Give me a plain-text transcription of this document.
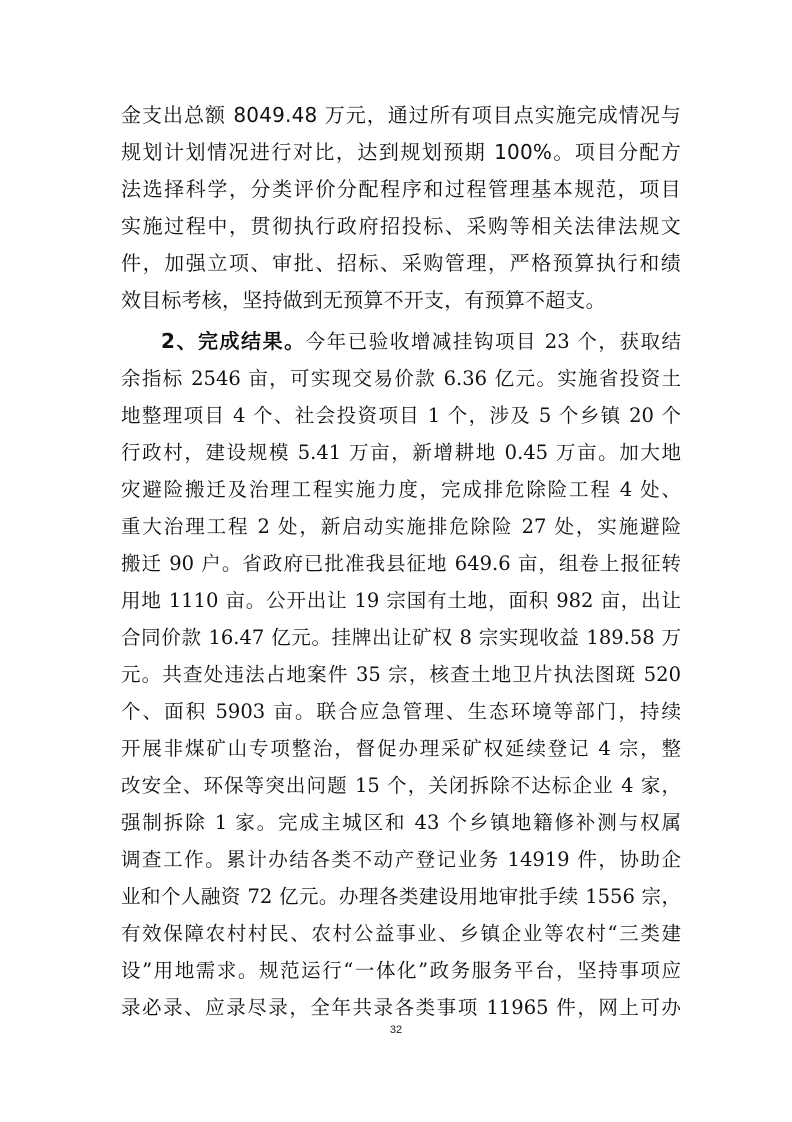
金支出总额 8049.48 万元，通过所有项目点实施完成情况与
规划计划情况进行对比，达到规划预期 100%。项目分配方
法选择科学，分类评价分配程序和过程管理基本规范，项目
实施过程中，贯彻执行政府招投标、采购等相关法律法规文
件，加强立项、审批、招标、采购管理，严格预算执行和绩
效目标考核，坚持做到无预算不开支，有预算不超支。
2、完成结果。今年已验收增减挂钩项目 23 个，获取结
余指标 2546 亩，可实现交易价款 6.36 亿元。实施省投资土
地整理项目 4 个、社会投资项目 1 个，涉及 5 个乡镇 20 个
行政村，建设规模 5.41 万亩，新增耕地 0.45 万亩。加大地
灾避险搬迁及治理工程实施力度，完成排危除险工程 4 处、
重大治理工程 2 处，新启动实施排危除险 27 处，实施避险
搬迁 90 户。省政府已批准我县征地 649.6 亩，组卷上报征转
用地 1110 亩。公开出让 19 宗国有土地，面积 982 亩，出让
合同价款 16.47 亿元。挂牌出让矿权 8 宗实现收益 189.58 万
元。共查处违法占地案件 35 宗，核查土地卫片执法图斑 520
个、面积 5903 亩。联合应急管理、生态环境等部门，持续
开展非煤矿山专项整治，督促办理采矿权延续登记 4 宗，整
改安全、环保等突出问题 15 个，关闭拆除不达标企业 4 家，
强制拆除 1 家。完成主城区和 43 个乡镇地籍修补测与权属
调查工作。累计办结各类不动产登记业务 14919 件，协助企
业和个人融资 72 亿元。办理各类建设用地审批手续 1556 宗，
有效保障农村村民、农村公益事业、乡镇企业等农村“三类建
设”用地需求。规范运行“一体化”政务服务平台，坚持事项应
录必录、应录尽录，全年共录各类事项 11965 件，网上可办
32
